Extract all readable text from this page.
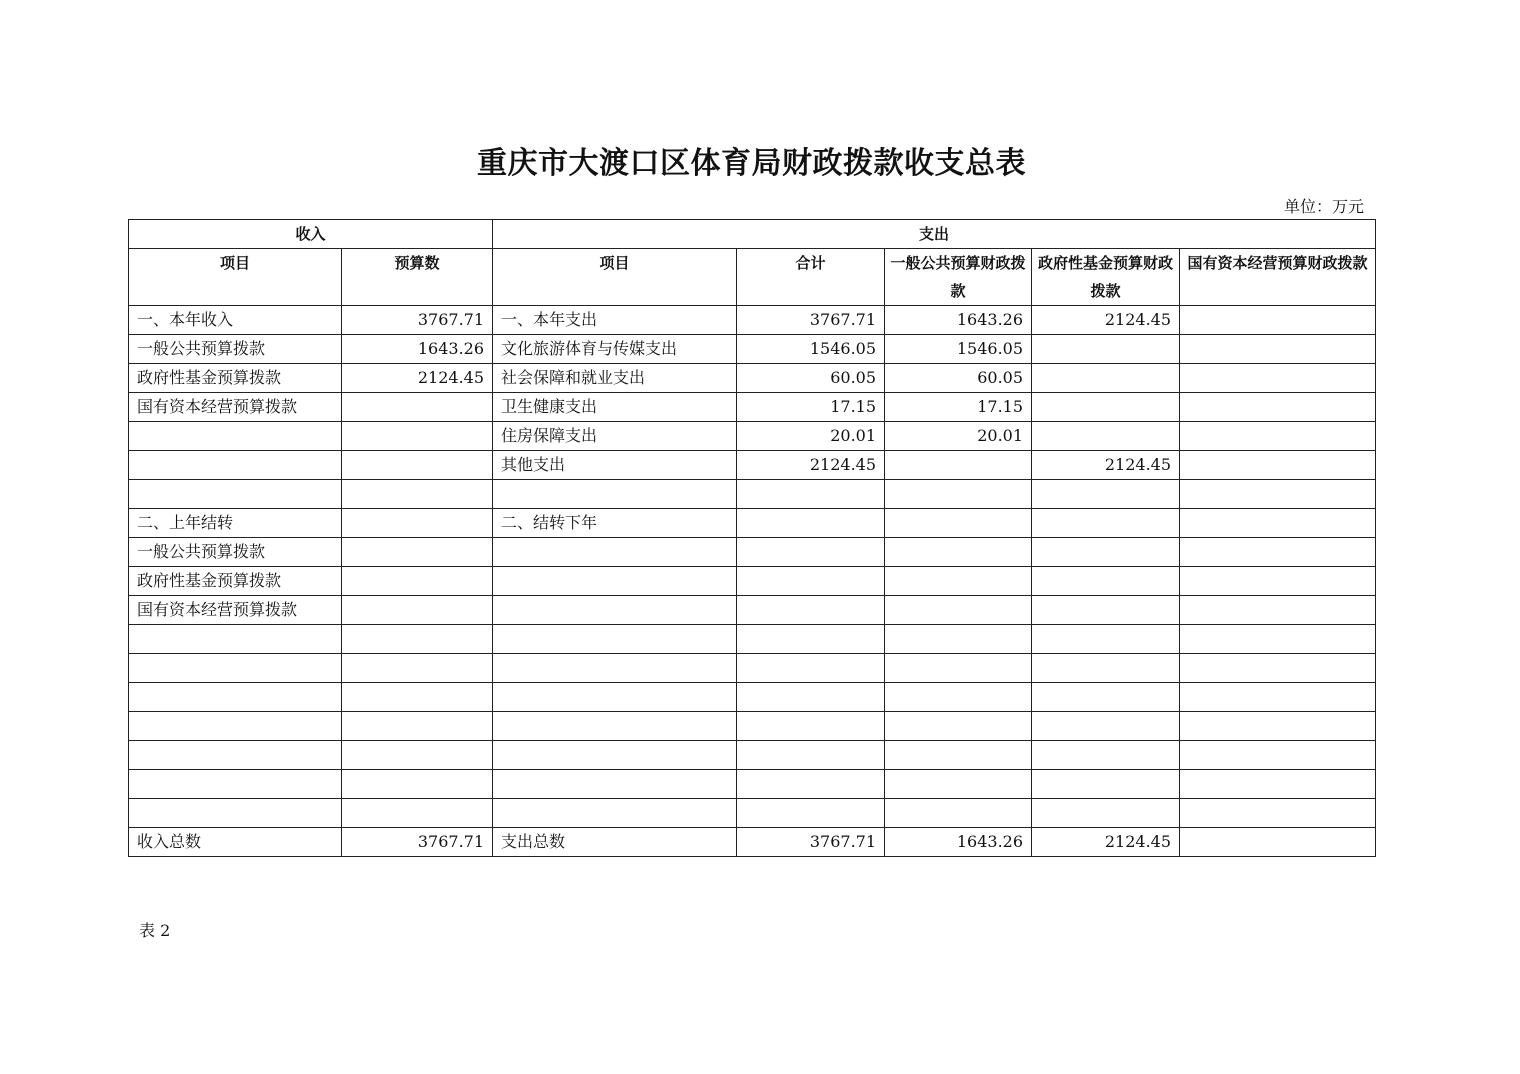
重庆市大渡口区体育局财政拨款收支总表
单位：万元
收入		支出				
项目	预算数	项目	合计	一般公共预算财政拨款	政府性基金预算财政拨款	国有资本经营预算财政拨款
一、本年收入	3767.71	一、本年支出	3767.71	1643.26	2124.45	
一般公共预算拨款	1643.26	文化旅游体育与传媒支出	1546.05	1546.05		
政府性基金预算拨款	2124.45	社会保障和就业支出	60.05	60.05		
国有资本经营预算拨款		卫生健康支出	17.15	17.15		
		住房保障支出	20.01	20.01		
		其他支出	2124.45		2124.45	

二、上年结转		二、结转下年				
一般公共预算拨款						
政府性基金预算拨款						
国有资本经营预算拨款						

收入总数	3767.71	支出总数	3767.71	1643.26	2124.45	
表 2
